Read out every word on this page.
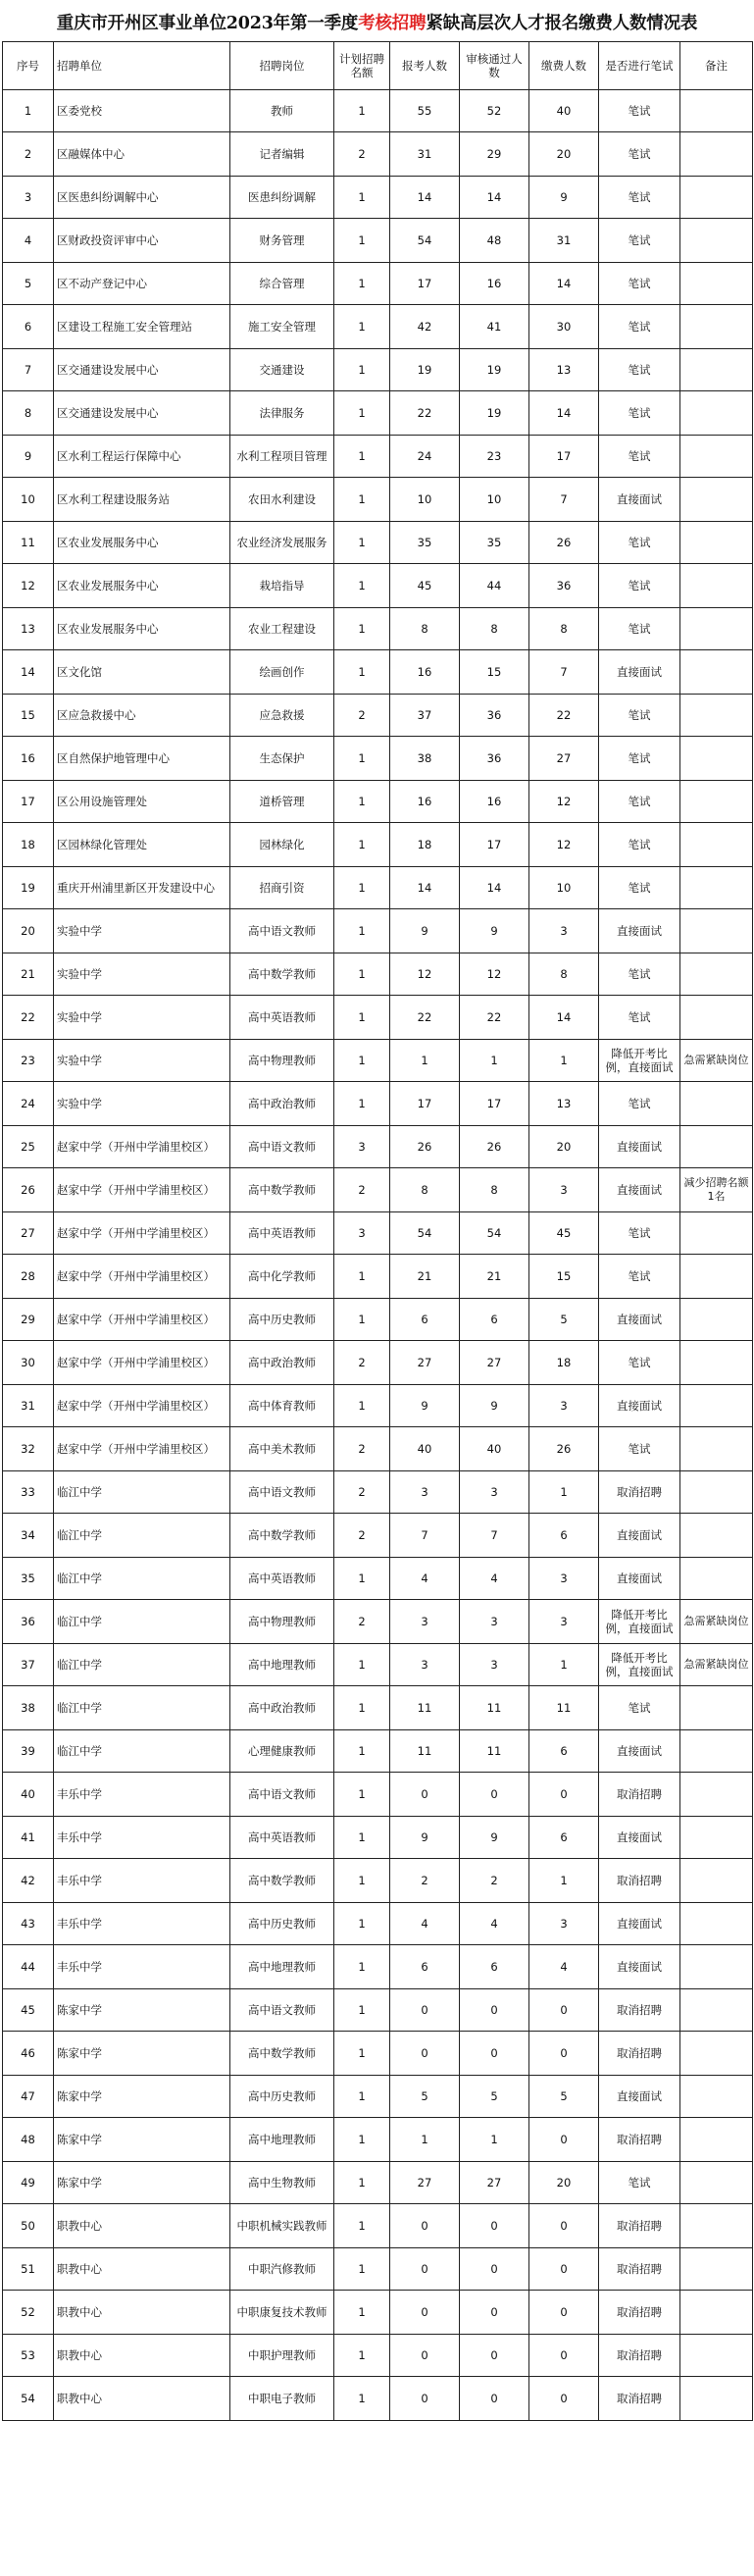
重庆市开州区事业单位2023年第一季度考核招聘紧缺高层次人才报名缴费人数情况表
序号	招聘单位	招聘岗位	计划招聘名额	报考人数	审核通过人数	缴费人数	是否进行笔试	备注
1	区委党校	教师	1	55	52	40	笔试	
2	区融媒体中心	记者编辑	2	31	29	20	笔试	
3	区医患纠纷调解中心	医患纠纷调解	1	14	14	9	笔试	
4	区财政投资评审中心	财务管理	1	54	48	31	笔试	
5	区不动产登记中心	综合管理	1	17	16	14	笔试	
6	区建设工程施工安全管理站	施工安全管理	1	42	41	30	笔试	
7	区交通建设发展中心	交通建设	1	19	19	13	笔试	
8	区交通建设发展中心	法律服务	1	22	19	14	笔试	
9	区水利工程运行保障中心	水利工程项目管理	1	24	23	17	笔试	
10	区水利工程建设服务站	农田水利建设	1	10	10	7	直接面试	
11	区农业发展服务中心	农业经济发展服务	1	35	35	26	笔试	
12	区农业发展服务中心	栽培指导	1	45	44	36	笔试	
13	区农业发展服务中心	农业工程建设	1	8	8	8	笔试	
14	区文化馆	绘画创作	1	16	15	7	直接面试	
15	区应急救援中心	应急救援	2	37	36	22	笔试	
16	区自然保护地管理中心	生态保护	1	38	36	27	笔试	
17	区公用设施管理处	道桥管理	1	16	16	12	笔试	
18	区园林绿化管理处	园林绿化	1	18	17	12	笔试	
19	重庆开州浦里新区开发建设中心	招商引资	1	14	14	10	笔试	
20	实验中学	高中语文教师	1	9	9	3	直接面试	
21	实验中学	高中数学教师	1	12	12	8	笔试	
22	实验中学	高中英语教师	1	22	22	14	笔试	
23	实验中学	高中物理教师	1	1	1	1	降低开考比例，直接面试	急需紧缺岗位
24	实验中学	高中政治教师	1	17	17	13	笔试	
25	赵家中学（开州中学浦里校区）	高中语文教师	3	26	26	20	直接面试	
26	赵家中学（开州中学浦里校区）	高中数学教师	2	8	8	3	直接面试	减少招聘名额1名
27	赵家中学（开州中学浦里校区）	高中英语教师	3	54	54	45	笔试	
28	赵家中学（开州中学浦里校区）	高中化学教师	1	21	21	15	笔试	
29	赵家中学（开州中学浦里校区）	高中历史教师	1	6	6	5	直接面试	
30	赵家中学（开州中学浦里校区）	高中政治教师	2	27	27	18	笔试	
31	赵家中学（开州中学浦里校区）	高中体育教师	1	9	9	3	直接面试	
32	赵家中学（开州中学浦里校区）	高中美术教师	2	40	40	26	笔试	
33	临江中学	高中语文教师	2	3	3	1	取消招聘	
34	临江中学	高中数学教师	2	7	7	6	直接面试	
35	临江中学	高中英语教师	1	4	4	3	直接面试	
36	临江中学	高中物理教师	2	3	3	3	降低开考比例，直接面试	急需紧缺岗位
37	临江中学	高中地理教师	1	3	3	1	降低开考比例，直接面试	急需紧缺岗位
38	临江中学	高中政治教师	1	11	11	11	笔试	
39	临江中学	心理健康教师	1	11	11	6	直接面试	
40	丰乐中学	高中语文教师	1	0	0	0	取消招聘	
41	丰乐中学	高中英语教师	1	9	9	6	直接面试	
42	丰乐中学	高中数学教师	1	2	2	1	取消招聘	
43	丰乐中学	高中历史教师	1	4	4	3	直接面试	
44	丰乐中学	高中地理教师	1	6	6	4	直接面试	
45	陈家中学	高中语文教师	1	0	0	0	取消招聘	
46	陈家中学	高中数学教师	1	0	0	0	取消招聘	
47	陈家中学	高中历史教师	1	5	5	5	直接面试	
48	陈家中学	高中地理教师	1	1	1	0	取消招聘	
49	陈家中学	高中生物教师	1	27	27	20	笔试	
50	职教中心	中职机械实践教师	1	0	0	0	取消招聘	
51	职教中心	中职汽修教师	1	0	0	0	取消招聘	
52	职教中心	中职康复技术教师	1	0	0	0	取消招聘	
53	职教中心	中职护理教师	1	0	0	0	取消招聘	
54	职教中心	中职电子教师	1	0	0	0	取消招聘	
